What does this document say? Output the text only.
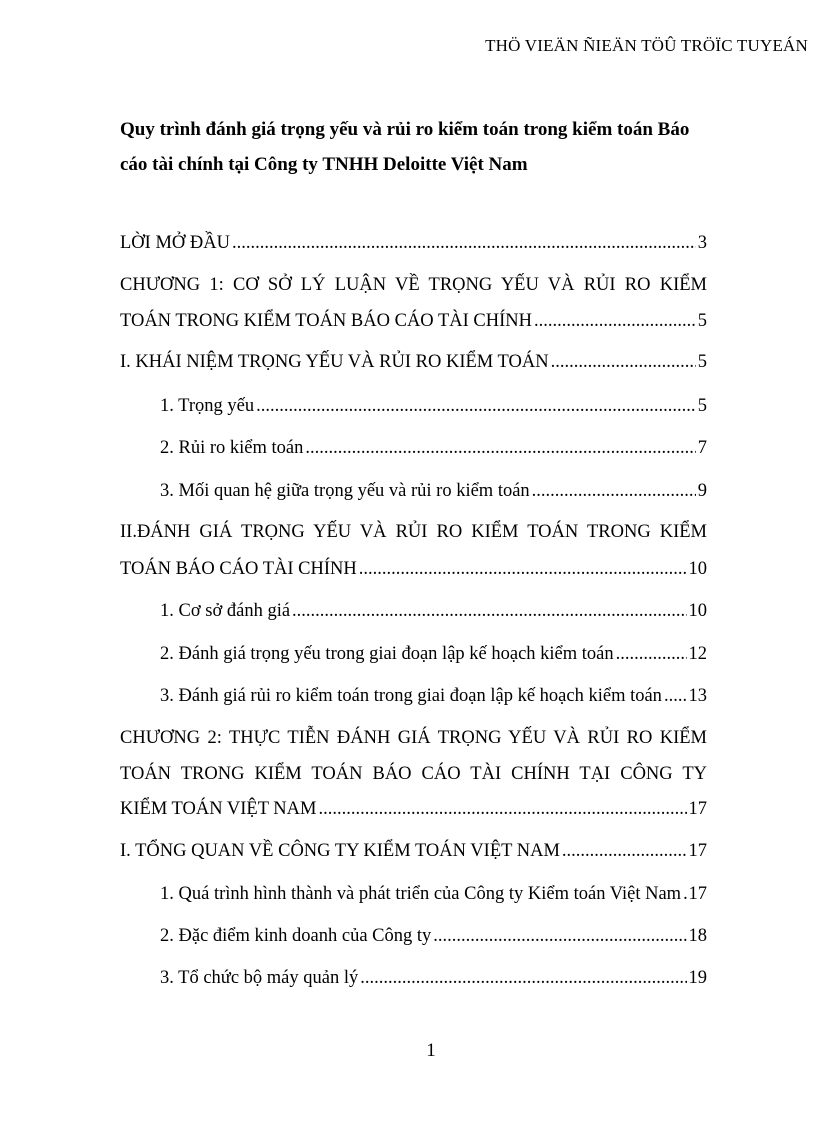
THÖ VIEÄN ÑIEÄN TÖÛ TRÖÏC TUYEÁN
Quy trình đánh giá trọng yếu và rủi ro kiểm toán trong kiểm toán Báo cáo tài chính tại Công ty TNHH Deloitte Việt Nam
LỜI MỞ ĐẦU .....	3
CHƯƠNG 1: CƠ SỞ LÝ LUẬN VỀ TRỌNG YẾU VÀ RỦI RO KIỂM
TOÁN TRONG KIỂM TOÁN BÁO CÁO TÀI CHÍNH .....	5
I. KHÁI NIỆM TRỌNG YẾU VÀ RỦI RO KIỂM TOÁN .....	5
1. Trọng yếu .....	5
2. Rủi ro kiểm toán .....	7
3. Mối quan hệ giữa trọng yếu và rủi ro kiểm toán .....	9
II.ĐÁNH GIÁ TRỌNG YẾU VÀ RỦI RO KIỂM TOÁN TRONG KIỂM
TOÁN BÁO CÁO TÀI CHÍNH .....	10
1. Cơ sở đánh giá .....	10
2. Đánh giá trọng yếu trong giai đoạn lập kế hoạch kiểm toán .....	12
3. Đánh giá rủi ro kiểm toán trong giai đoạn lập kế hoạch kiểm toán ..... 13
CHƯƠNG 2: THỰC TIỄN ĐÁNH GIÁ TRỌNG YẾU VÀ RỦI RO KIỂM
TOÁN TRONG KIỂM TOÁN BÁO CÁO TÀI CHÍNH TẠI CÔNG TY
KIỂM TOÁN VIỆT NAM .....	17
I. TỔNG QUAN VỀ CÔNG TY KIỂM TOÁN VIỆT NAM .....	17
1. Quá trình hình thành và phát triển của Công ty Kiểm toán Việt Nam ..... 17
2. Đặc điểm kinh doanh của Công ty .....	18
3. Tổ chức bộ máy quản lý .....	19
1
